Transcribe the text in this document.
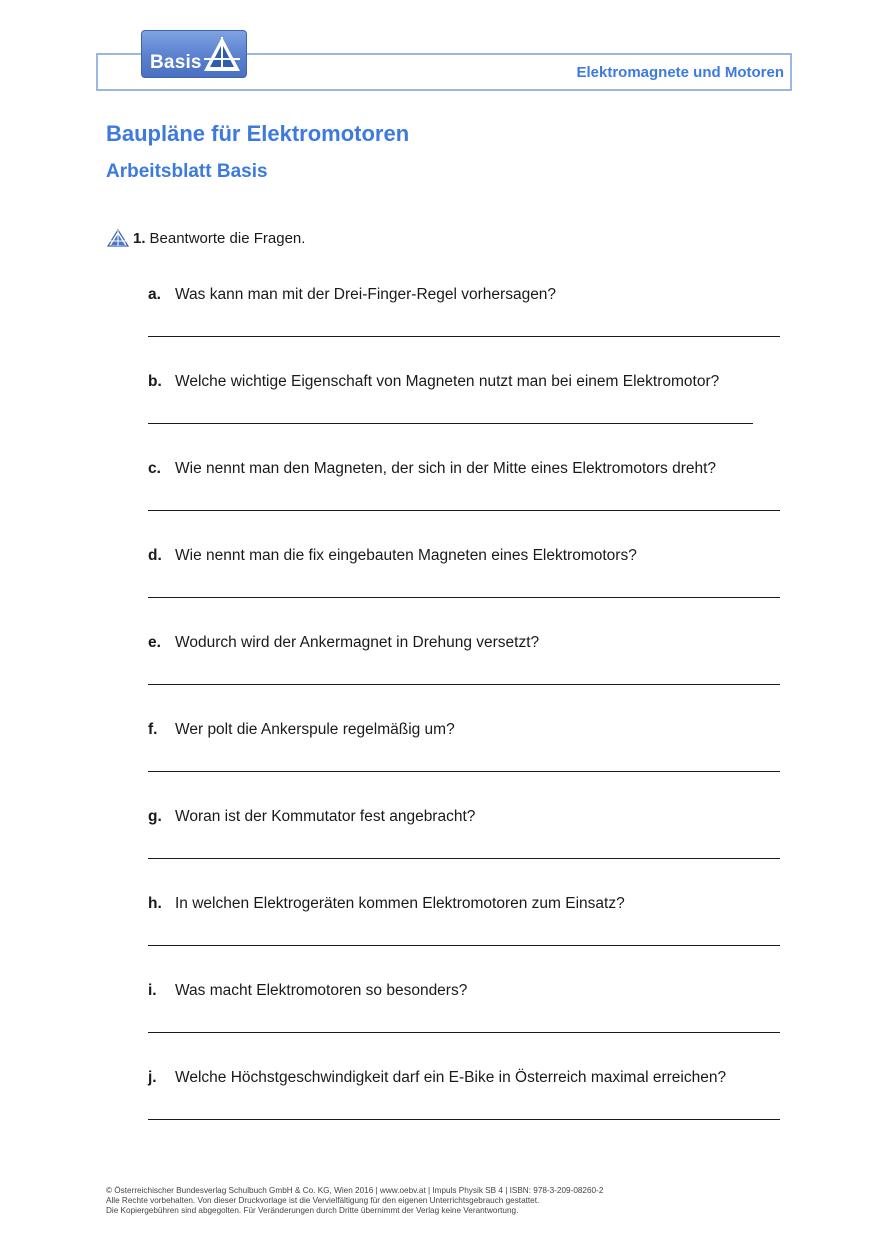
Basis	Elektromagnete und Motoren
Baupläne für Elektromotoren
Arbeitsblatt Basis
1. Beantworte die Fragen.
a. Was kann man mit der Drei-Finger-Regel vorhersagen?
b. Welche wichtige Eigenschaft von Magneten nutzt man bei einem Elektromotor?
c. Wie nennt man den Magneten, der sich in der Mitte eines Elektromotors dreht?
d. Wie nennt man die fix eingebauten Magneten eines Elektromotors?
e. Wodurch wird der Ankermagnet in Drehung versetzt?
f. Wer polt die Ankerspule regelmäßig um?
g. Woran ist der Kommutator fest angebracht?
h. In welchen Elektrogeräten kommen Elektromotoren zum Einsatz?
i. Was macht Elektromotoren so besonders?
j. Welche Höchstgeschwindigkeit darf ein E-Bike in Österreich maximal erreichen?
© Österreichischer Bundesverlag Schulbuch GmbH & Co. KG, Wien 2016 | www.oebv.at | Impuls Physik SB 4 | ISBN: 978-3-209-08260-2
Alle Rechte vorbehalten. Von dieser Druckvorlage ist die Vervielfältigung für den eigenen Unterrichtsgebrauch gestattet.
Die Kopiergebühren sind abgegolten. Für Veränderungen durch Dritte übernimmt der Verlag keine Verantwortung.
